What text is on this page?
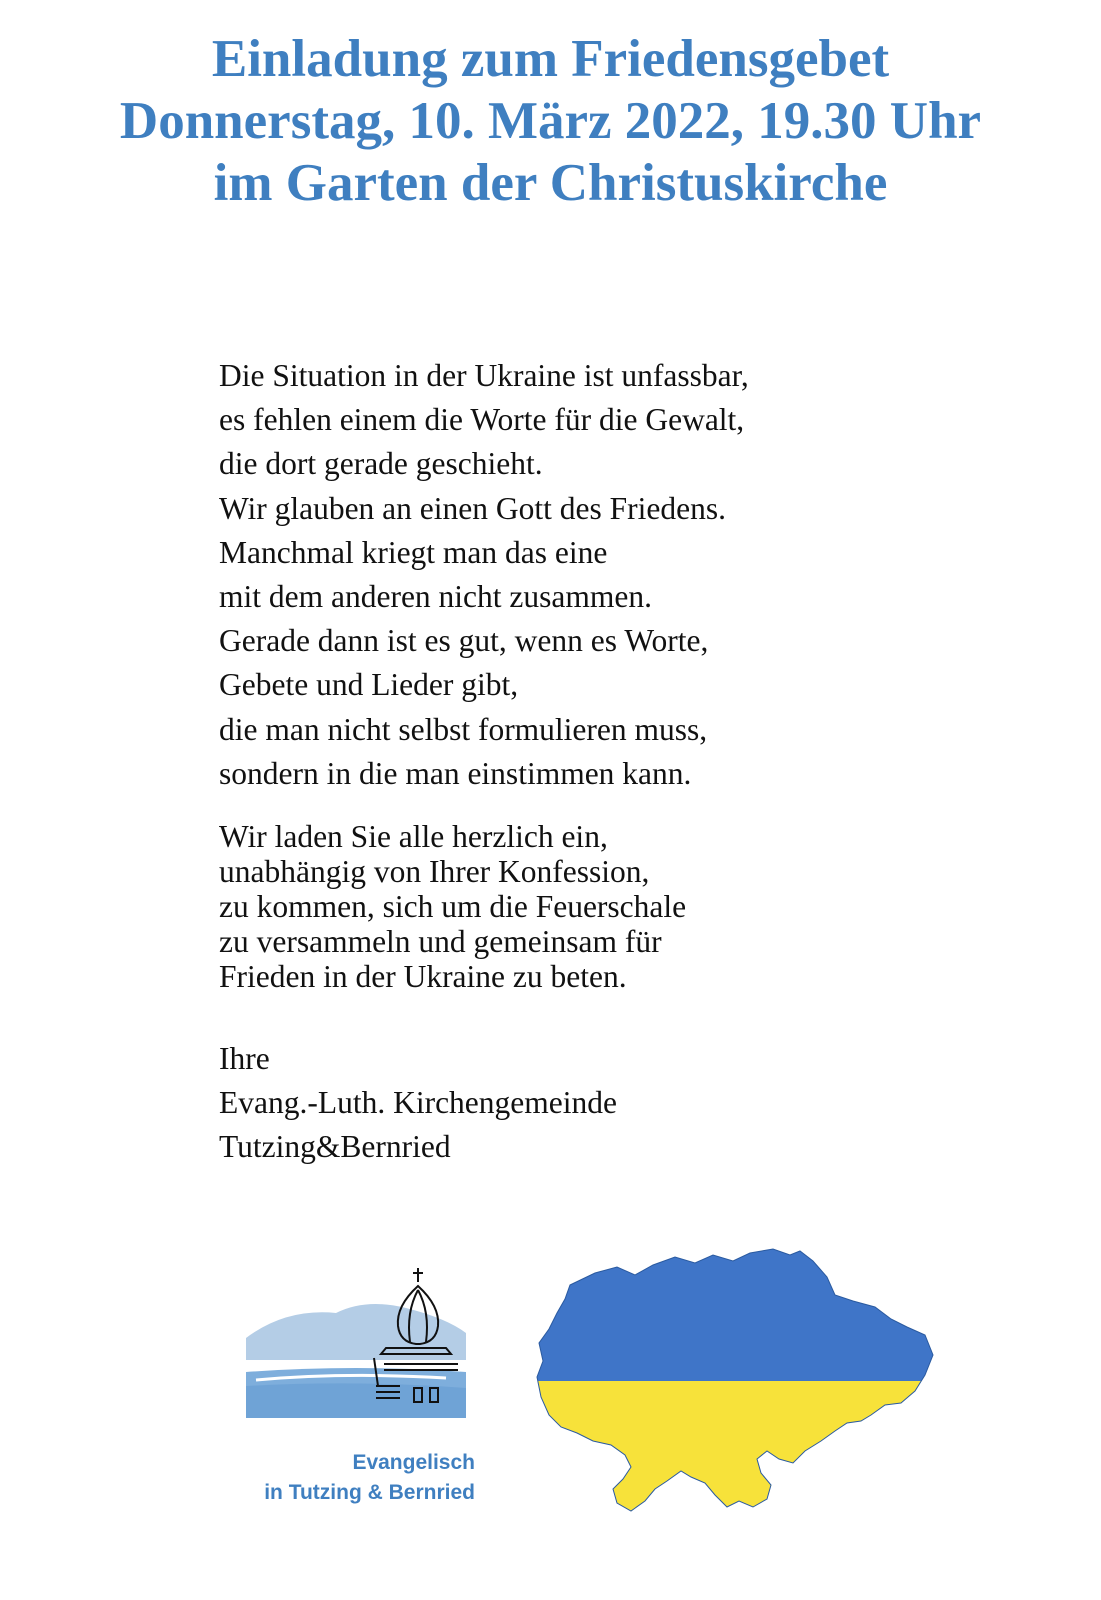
Einladung zum Friedensgebet
Donnerstag, 10. März 2022, 19.30 Uhr
im Garten der Christuskirche
Die Situation in der Ukraine ist unfassbar,
es fehlen einem die Worte für die Gewalt,
die dort gerade geschieht.
Wir glauben an einen Gott des Friedens.
Manchmal kriegt man das eine
mit dem anderen nicht zusammen.
Gerade dann ist es gut, wenn es Worte,
Gebete und Lieder gibt,
die man nicht selbst formulieren muss,
sondern in die man einstimmen kann.
Wir laden Sie alle herzlich ein,
unabhängig von Ihrer Konfession,
zu kommen, sich um die Feuerschale
zu versammeln und gemeinsam für
Frieden in der Ukraine zu beten.
Ihre
Evang.-Luth. Kirchengemeinde
Tutzing&Bernried
Evangelisch
in Tutzing & Bernried
